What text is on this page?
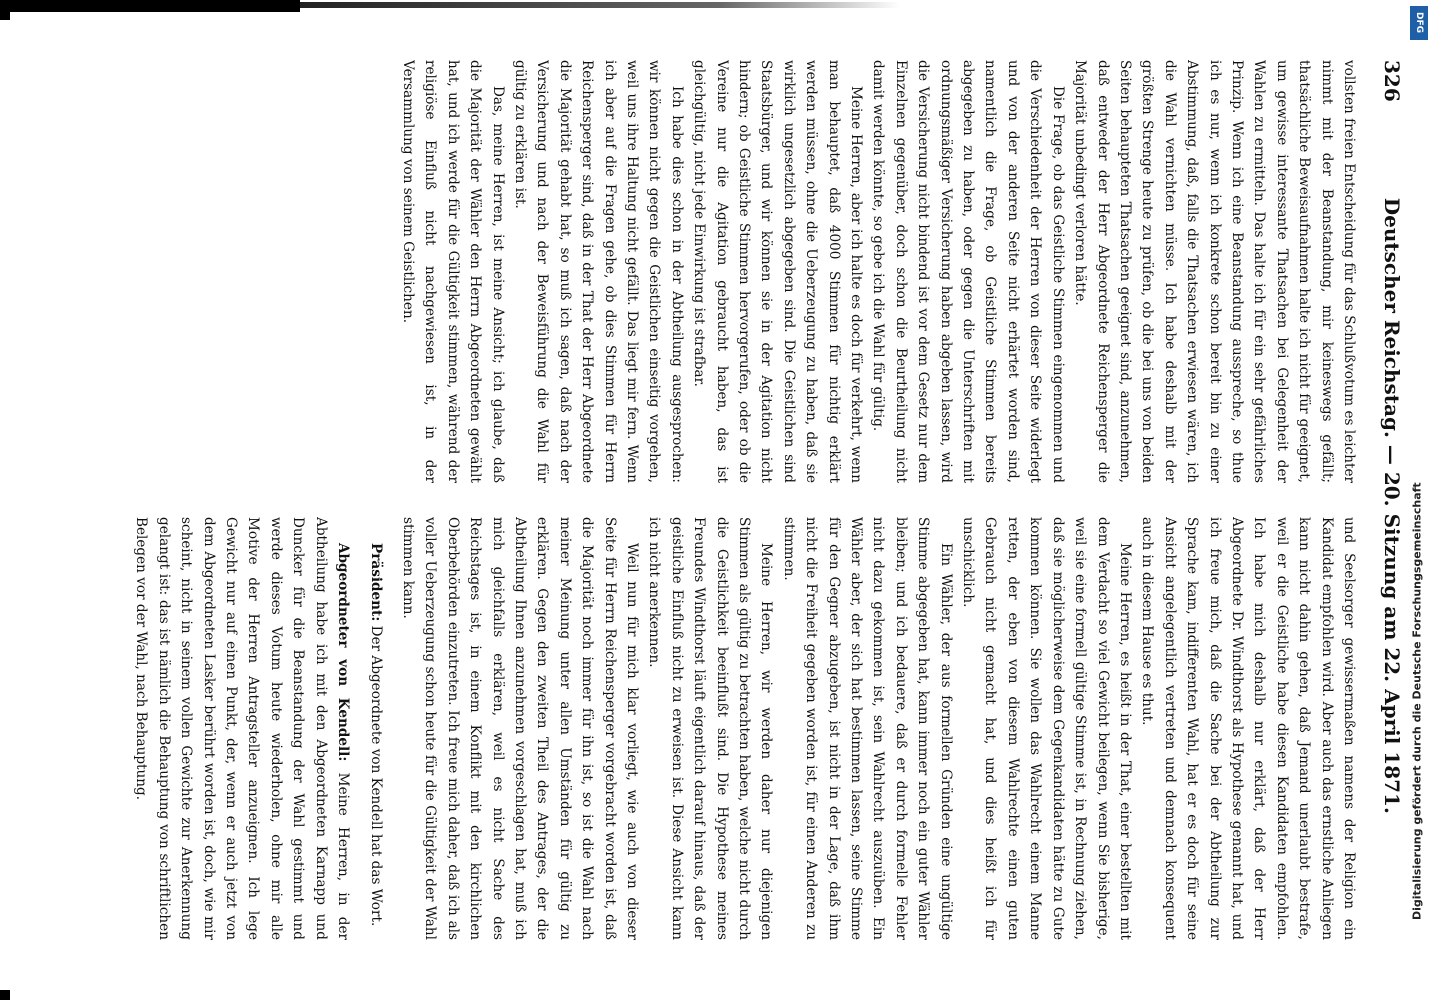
326
Deutscher Reichstag. — 20. Sitzung am 22. April 1871.

vollsten freien Entscheidung für das Schlußvotum es leichter nimmt mit der Beanstandung, mir keineswegs gefällt; thatsächliche Beweisaufnahmen halte ich nicht für geeignet, um gewisse interessante Thatsachen bei Gelegenheit der Wahlen zu ermitteln. Das halte ich für ein sehr gefährliches Prinzip. Wenn ich eine Beanstandung ausspreche, so thue ich es nur, wenn ich konkrete schon bereit bin zu einer Abstimmung, daß, falls die Thatsachen erwiesen wären, ich die Wahl vernichten müsse. Ich habe deshalb mit der größten Strenge heute zu prüfen, ob die bei uns von beiden Seiten behaupteten Thatsachen geeignet sind, anzunehmen, daß entweder der Herr Abgeordnete Reichensperger die Majorität unbedingt verloren hätte.

Die Frage, ob das Geistliche Stimmen eingenommen und die Verschiedenheit der Herren von dieser Seite widerlegt und von der anderen Seite nicht erhärtet worden sind, namentlich die Frage, ob Geistliche Stimmen bereits abgegeben zu haben, oder gegen die Unterschriften mit ordnungsmäßiger Versicherung haben abgeben lassen, wird die Versicherung nicht bindend ist vor dem Gesetz nur dem Einzelnen gegenüber, doch schon die Beurtheilung nicht damit werden könnte, so gebe ich die Wahl für gültig.

Meine Herren, aber ich halte es doch für verkehrt, wenn man behauptet, daß 4000 Stimmen für nichtig erklärt werden müssen, ohne die Ueberzeugung zu haben, daß sie wirklich ungesetzlich abgegeben sind. Die Geistlichen sind Staatsbürger, und wir können sie in der Agitation nicht hindern; ob Geistliche Stimmen hervorgerufen, oder ob die Vereine nur die Agitation gebraucht haben, das ist gleichgültig, nicht jede Einwirkung ist strafbar.

Ich habe dies schon in der Abtheilung ausgesprochen: wir können nicht gegen die Geistlichen einseitig vorgehen, weil uns ihre Haltung nicht gefällt. Das liegt mir fern. Wenn ich aber auf die Fragen gehe, ob dies Stimmen für Herrn Reichensperger sind, daß in der That der Herr Abgeordnete die Majorität gehabt hat, so muß ich sagen, daß nach der Versicherung und nach der Beweisführung die Wahl für gültig zu erklären ist.

Das, meine Herren, ist meine Ansicht; ich glaube, daß die Majorität der Wähler den Herrn Abgeordneten gewählt hat, und ich werde für die Gültigkeit stimmen, während der religiöse Einfluß nicht nachgewiesen ist, in der Versammlung von seinem Geistlichen.

und Seelsorger gewissermaßen namens der Religion ein Kandidat empfohlen wird. Aber auch das ernstliche Anliegen kann nicht dahin gehen, daß Jemand unerlaubt bestrafe, weil er die Geistliche habe diesen Kandidaten empfohlen. Ich habe mich deshalb nur erklärt, daß der Herr Abgeordnete Dr. Windthorst als Hypothese genannt hat, und ich freue mich, daß die Sache bei der Abtheilung zur Sprache kam, indifferenten Wahl, hat er es doch für seine Ansicht angelegentlich vertreten und demnach konsequent auch in diesem Hause es thut.

Meine Herren, es heißt in der That, einer bestellten mit dem Verdacht so viel Gewicht beilegen, wenn Sie bisherige, weil sie eine formell gültige Stimme ist, in Rechnung ziehen, daß sie möglicherweise dem Gegenkandidaten hätte zu Gute kommen können. Sie wollen das Wahlrecht einem Manne retten, der eben von diesem Wahlrechte einen guten Gebrauch nicht gemacht hat, und dies heißt ich für unschicklich.

Ein Wähler, der aus formellen Gründen eine ungültige Stimme abgegeben hat, kann immer noch ein guter Wähler bleiben; und ich bedauere, daß er durch formelle Fehler nicht dazu gekommen ist, sein Wahlrecht auszuüben. Ein Wähler aber, der sich hat bestimmen lassen, seine Stimme für den Gegner abzugeben, ist nicht in der Lage, daß ihm nicht die Freiheit gegeben worden ist, für einen Anderen zu stimmen.

Meine Herren, wir werden daher nur diejenigen Stimmen als gültig zu betrachten haben, welche nicht durch die Geistlichkeit beeinflußt sind. Die Hypothese meines Freundes Windthorst läuft eigentlich darauf hinaus, daß der geistliche Einfluß nicht zu erweisen ist. Diese Ansicht kann ich nicht anerkennen.

Weil nun für mich klar vorliegt, wie auch von dieser Seite für Herrn Reichensperger vorgebracht worden ist, daß die Majorität noch immer für ihn ist, so ist die Wahl nach meiner Meinung unter allen Umständen für gültig zu erklären. Gegen den zweiten Theil des Antrages, der die Abtheilung Ihnen anzunehmen vorgeschlagen hat, muß ich mich gleichfalls erklären, weil es nicht Sache des Reichstages ist, in einem Konflikt mit den kirchlichen Oberbehörden einzutreten. Ich freue mich daher, daß ich als voller Ueberzeugung schon heute für die Gültigkeit der Wahl stimmen kann.

Präsident: Der Abgeordnete von Kendell hat das Wort.

Abgeordneter von Kendell: Meine Herren, in der Abtheilung habe ich mit den Abgeordneten Karnapp und Duncker für die Beanstandung der Wahl gestimmt und werde dieses Votum heute wiederholen, ohne mir alle Motive der Herren Antragsteller anzueignen. Ich lege Gewicht nur auf einen Punkt, der, wenn er auch jetzt von dem Abgeordneten Lasker berührt worden ist, doch, wie mir scheint, nicht in seinem vollen Gewichte zur Anerkennung gelangt ist: das ist nämlich die Behauptung von schriftlichen Belegen vor der Wahl, nach Behauptung.

DFG
Digitalisierung gefördert durch die Deutsche Forschungsgemeinschaft
